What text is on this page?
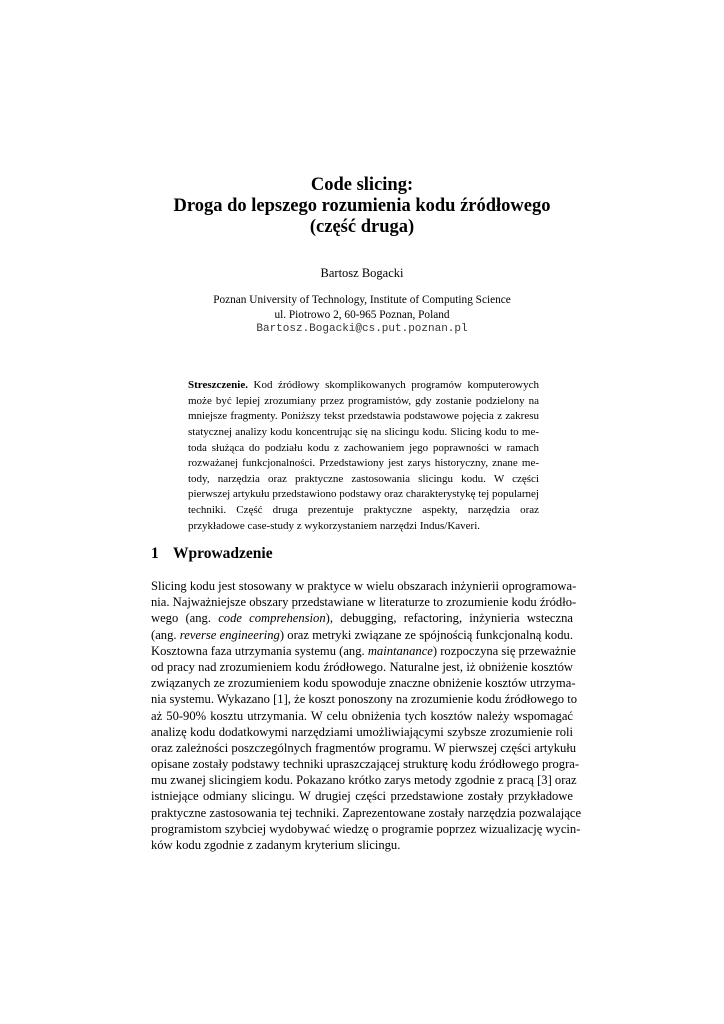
Code slicing:
Droga do lepszego rozumienia kodu źródłowego
(część druga)
Bartosz Bogacki
Poznan University of Technology, Institute of Computing Science
ul. Piotrowo 2, 60-965 Poznan, Poland
Bartosz.Bogacki@cs.put.poznan.pl
Streszczenie. Kod źródłowy skomplikowanych programów komputerowych
może być lepiej zrozumiany przez programistów, gdy zostanie podzielony na
mniejsze fragmenty. Poniższy tekst przedstawia podstawowe pojęcia z zakresu
statycznej analizy kodu koncentrując się na slicingu kodu. Slicing kodu to me-
toda służąca do podziału kodu z zachowaniem jego poprawności w ramach
rozważanej funkcjonalności. Przedstawiony jest zarys historyczny, znane me-
tody, narzędzia oraz praktyczne zastosowania slicingu kodu. W części
pierwszej artykułu przedstawiono podstawy oraz charakterystykę tej popularnej
techniki. Część druga prezentuje praktyczne aspekty, narzędzia oraz
przykładowe case-study z wykorzystaniem narzędzi Indus/Kaveri.
1 Wprowadzenie
Slicing kodu jest stosowany w praktyce w wielu obszarach inżynierii oprogramowa-
nia. Najważniejsze obszary przedstawiane w literaturze to zrozumienie kodu źródło-
wego (ang. code comprehension), debugging, refactoring, inżynieria wsteczna
(ang. reverse engineering) oraz metryki związane ze spójnością funkcjonalną kodu.
Kosztowna faza utrzymania systemu (ang. maintanance) rozpoczyna się przeważnie
od pracy nad zrozumieniem kodu źródłowego. Naturalne jest, iż obniżenie kosztów
związanych ze zrozumieniem kodu spowoduje znaczne obniżenie kosztów utrzyma-
nia systemu. Wykazano [1], że koszt ponoszony na zrozumienie kodu źródłowego to
aż 50-90% kosztu utrzymania. W celu obniżenia tych kosztów należy wspomagać
analizę kodu dodatkowymi narzędziami umożliwiającymi szybsze zrozumienie roli
oraz zależności poszczególnych fragmentów programu. W pierwszej części artykułu
opisane zostały podstawy techniki upraszczającej strukturę kodu źródłowego progra-
mu zwanej slicingiem kodu. Pokazano krótko zarys metody zgodnie z pracą [3] oraz
istniejące odmiany slicingu. W drugiej części przedstawione zostały przykładowe
praktyczne zastosowania tej techniki. Zaprezentowane zostały narzędzia pozwalające
programistom szybciej wydobywać wiedzę o programie poprzez wizualizację wycin-
ków kodu zgodnie z zadanym kryterium slicingu.
